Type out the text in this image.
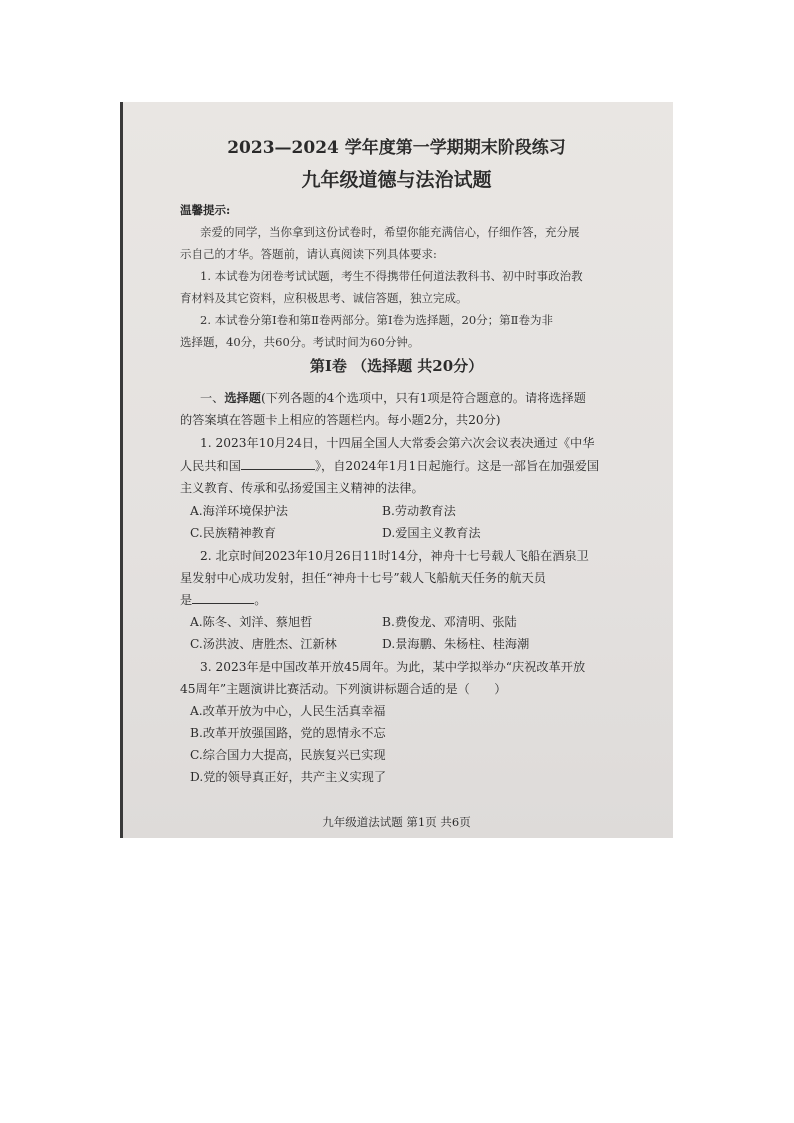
2023—2024 学年度第一学期期末阶段练习
九年级道德与法治试题
温馨提示:
亲爱的同学，当你拿到这份试卷时，希望你能充满信心，仔细作答，充分展
示自己的才华。答题前，请认真阅读下列具体要求:
1. 本试卷为闭卷考试试题，考生不得携带任何道法教科书、初中时事政治教
育材料及其它资料，应积极思考、诚信答题，独立完成。
2. 本试卷分第Ⅰ卷和第Ⅱ卷两部分。第Ⅰ卷为选择题，20分；第Ⅱ卷为非
选择题，40分，共60分。考试时间为60分钟。
第Ⅰ卷 （选择题 共20分）
一、选择题(下列各题的4个选项中，只有1项是符合题意的。请将选择题
的答案填在答题卡上相应的答题栏内。每小题2分，共20分)
1. 2023年10月24日，十四届全国人大常委会第六次会议表决通过《中华
人民共和国	》，自2024年1月1日起施行。这是一部旨在加强爱国
主义教育、传承和弘扬爱国主义精神的法律。
A.海洋环境保护法	B.劳动教育法
C.民族精神教育	D.爱国主义教育法
2. 北京时间2023年10月26日11时14分，神舟十七号载人飞船在酒泉卫
星发射中心成功发射，担任“神舟十七号”载人飞船航天任务的航天员
是	。
A.陈冬、刘洋、蔡旭哲	B.费俊龙、邓清明、张陆
C.汤洪波、唐胜杰、江新林	D.景海鹏、朱杨柱、桂海潮
3. 2023年是中国改革开放45周年。为此，某中学拟举办“庆祝改革开放
45周年”主题演讲比赛活动。下列演讲标题合适的是（　　）
A.改革开放为中心，人民生活真幸福
B.改革开放强国路，党的恩情永不忘
C.综合国力大提高，民族复兴已实现
D.党的领导真正好，共产主义实现了
九年级道法试题 第1页 共6页
